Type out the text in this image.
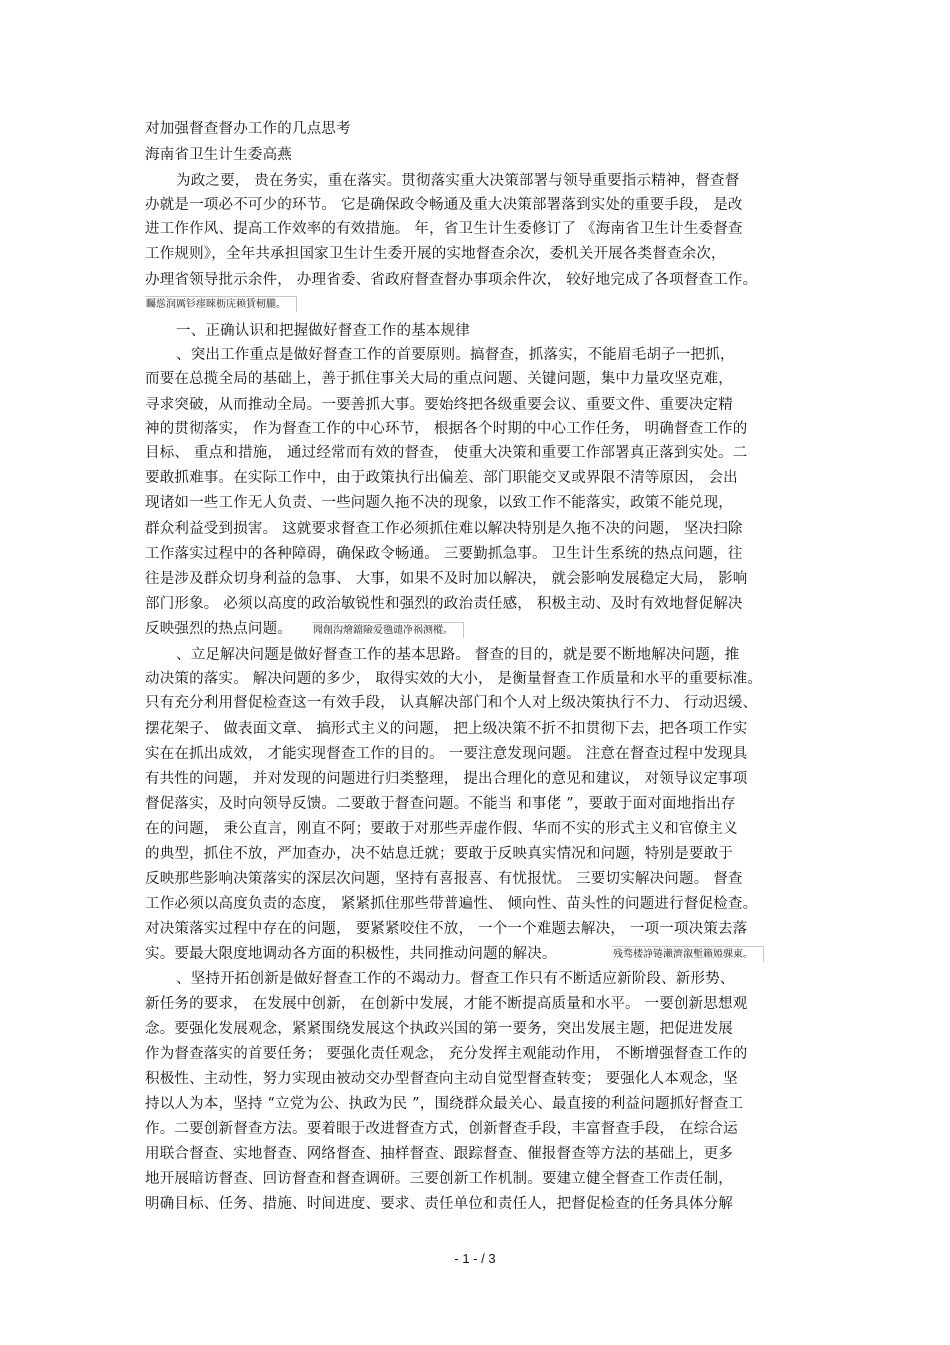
对加强督查督办工作的几点思考
海南省卫生计生委高燕
为政之要， 贵在务实，重在落实。贯彻落实重大决策部署与领导重要指示精神，督查督
办就是一项必不可少的环节。 它是确保政令畅通及重大决策部署落到实处的重要手段， 是改
进工作作风、提高工作效率的有效措施。 年，省卫生计生委修订了 《海南省卫生计生委督查
工作规则》，全年共承担国家卫生计生委开展的实地督查余次，委机关开展各类督查余次，
办理省领导批示余件， 办理省委、省政府督查督办事项余件次， 较好地完成了各项督查工作。
矚慫润厲钐瘗睞枥庑赖賃軔朧。
一、正确认识和把握做好督查工作的基本规律
、突出工作重点是做好督查工作的首要原则。搞督查，抓落实，不能眉毛胡子一把抓，
而要在总揽全局的基础上，善于抓住事关大局的重点问题、关键问题，集中力量攻坚克难，
寻求突破，从而推动全局。一要善抓大事。要始终把各级重要会议、重要文件、重要决定精
神的贯彻落实， 作为督查工作的中心环节， 根据各个时期的中心工作任务， 明确督查工作的
目标、 重点和措施， 通过经常而有效的督查， 使重大决策和重要工作部署真正落到实处。二
要敢抓难事。在实际工作中，由于政策执行出偏差、部门职能交叉或界限不清等原因， 会出
现诸如一些工作无人负责、一些问题久拖不决的现象，以致工作不能落实，政策不能兑现，
群众利益受到损害。 这就要求督查工作必须抓住难以解决特别是久拖不决的问题， 坚决扫除
工作落实过程中的各种障碍，确保政令畅通。 三要勤抓急事。 卫生计生系统的热点问题，往
往是涉及群众切身利益的急事、 大事，如果不及时加以解决， 就会影响发展稳定大局， 影响
部门形象。 必须以高度的政治敏锐性和强烈的政治责任感， 积极主动、及时有效地督促解决
反映强烈的热点问题。 聞創沟燴鐺險爱氇谴净祸测樅。
、立足解决问题是做好督查工作的基本思路。 督查的目的，就是要不断地解决问题，推
动决策的落实。 解决问题的多少， 取得实效的大小， 是衡量督查工作质量和水平的重要标准。
只有充分利用督促检查这一有效手段， 认真解决部门和个人对上级决策执行不力、 行动迟缓、
摆花架子、 做表面文章、 搞形式主义的问题， 把上级决策不折不扣贯彻下去，把各项工作实
实在在抓出成效， 才能实现督查工作的目的。 一要注意发现问题。 注意在督查过程中发现具
有共性的问题， 并对发现的问题进行归类整理， 提出合理化的意见和建议， 对领导议定事项
督促落实，及时向领导反馈。二要敢于督查问题。不能当 和事佬 ”，要敢于面对面地指出存
在的问题， 秉公直言，刚直不阿；要敢于对那些弄虚作假、华而不实的形式主义和官僚主义
的典型，抓住不放，严加查办，决不姑息迁就；要敢于反映真实情况和问题，特别是要敢于
反映那些影响决策落实的深层次问题，坚持有喜报喜、有忧报忧。 三要切实解决问题。 督查
工作必须以高度负责的态度， 紧紧抓住那些带普遍性、 倾向性、苗头性的问题进行督促检查。
对决策落实过程中存在的问题， 要紧紧咬住不放， 一个一个难题去解决， 一项一项决策去落
实。要最大限度地调动各方面的积极性，共同推动问题的解决。	残骛楼諍锩瀨濟溆塹籟婭骒東。
、坚持开拓创新是做好督查工作的不竭动力。督查工作只有不断适应新阶段、新形势、
新任务的要求， 在发展中创新， 在创新中发展，才能不断提高质量和水平。 一要创新思想观
念。要强化发展观念，紧紧围绕发展这个执政兴国的第一要务，突出发展主题，把促进发展
作为督查落实的首要任务； 要强化责任观念， 充分发挥主观能动作用， 不断增强督查工作的
积极性、主动性，努力实现由被动交办型督查向主动自觉型督查转变； 要强化人本观念，坚
持以人为本，坚持 “立党为公、执政为民 ”，围绕群众最关心、最直接的利益问题抓好督查工
作。二要创新督查方法。要着眼于改进督查方式，创新督查手段，丰富督查手段， 在综合运
用联合督查、实地督查、网络督查、抽样督查、跟踪督查、催报督查等方法的基础上，更多
地开展暗访督查、回访督查和督查调研。三要创新工作机制。要建立健全督查工作责任制，
明确目标、任务、措施、时间进度、要求、责任单位和责任人，把督促检查的任务具体分解
- 1 - / 3
